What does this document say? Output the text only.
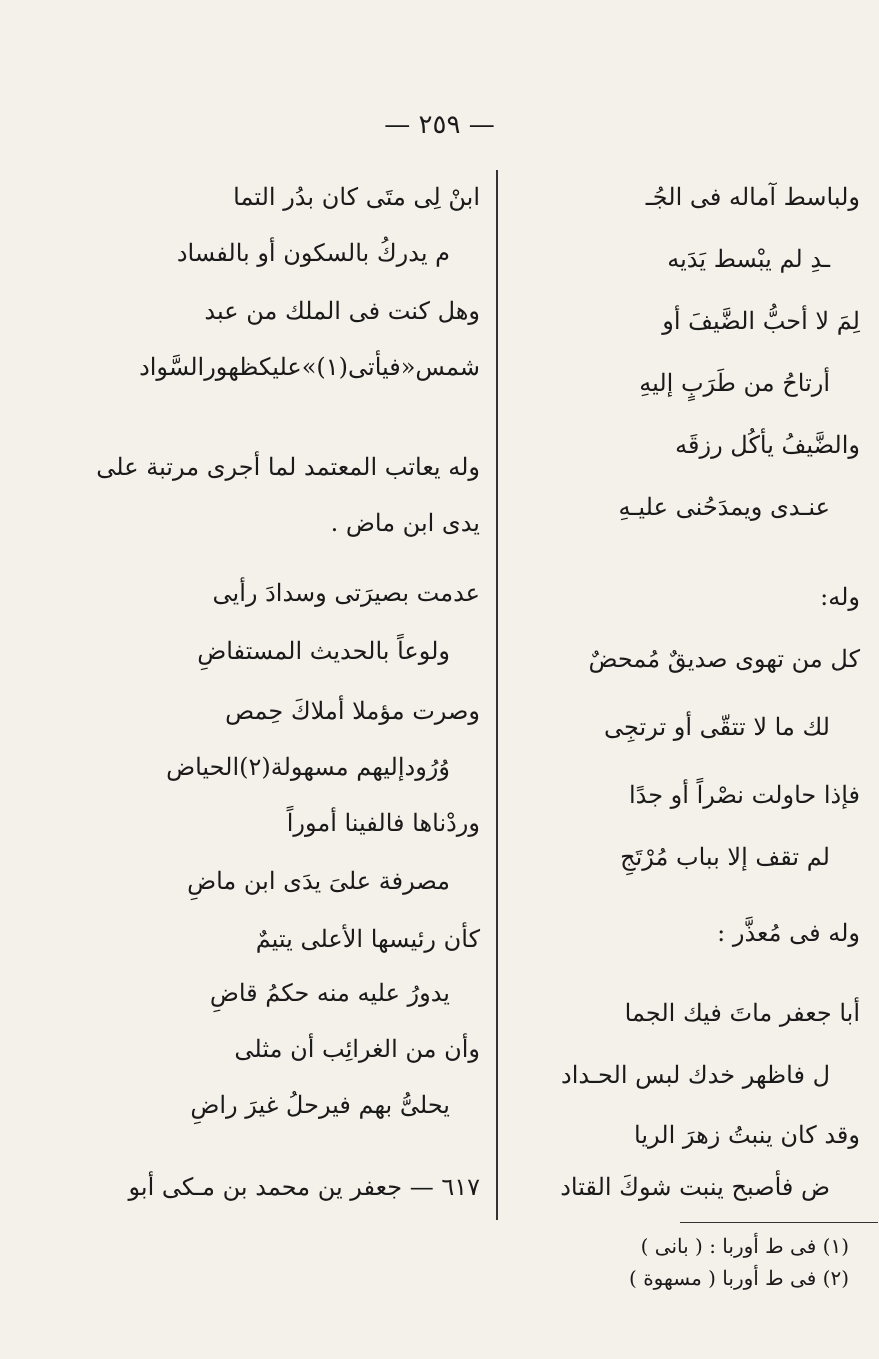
— ٢٥٩ —
ولباسط آماله فى الجُـ
ـدِ لم يبْسط يَدَيه
لِمَ لا أحبُّ الضَّيفَ أو
أرتاحُ من طَرَبٍ إليهِ
والضَّيفُ يأكُل رزقَه
عنـدى ويمدَحُنى عليـهِ
وله:
كل من تهوى صديقٌ مُمحضٌ
لك ما لا تتقّى أو ترتجِى
فإذا حاولت نصْراً أو جدًا
لم تقف إلا بباب مُرْتَجِ
وله فى مُعذَّر :
أبا جعفر ماتَ فيك الجما
ل فاظهر خدك لبس الحـداد
وقد كان ينبتُ زهرَ الريا
ض فأصبح ينبت شوكَ القتاد
ابنْ لِى متَى كان بدُر التما
م يدركُ بالسكون أو بالفساد
وهل كنت فى الملك من عبد
شمس«فيأتى(١)»عليكظهورالسَّواد
وله يعاتب المعتمد لما أجرى مرتبة على
يدى ابن ماض .
عدمت بصيرَتى وسدادَ رأيى
ولوعاً بالحديث المستفاضِ
وصرت مؤملا أملاكَ حِمص
وُرُودإليهم مسهولة(٢)الحياض
وردْناها فالفينا أموراً
مصرفة علىَ يدَى ابن ماضِ
كأن رئيسها الأعلى يتيمٌ
يدورُ عليه منه حكمُ قاضِ
وأن من الغرائِب أن مثلى
يحلىُّ بهم فيرحلُ غيرَ راضِ
٦١٧ — جعفر ين محمد بن مـكى أبو
(١) فى ط أوربا : ( بانى )
(٢) فى ط أوربا ( مسهوة )
